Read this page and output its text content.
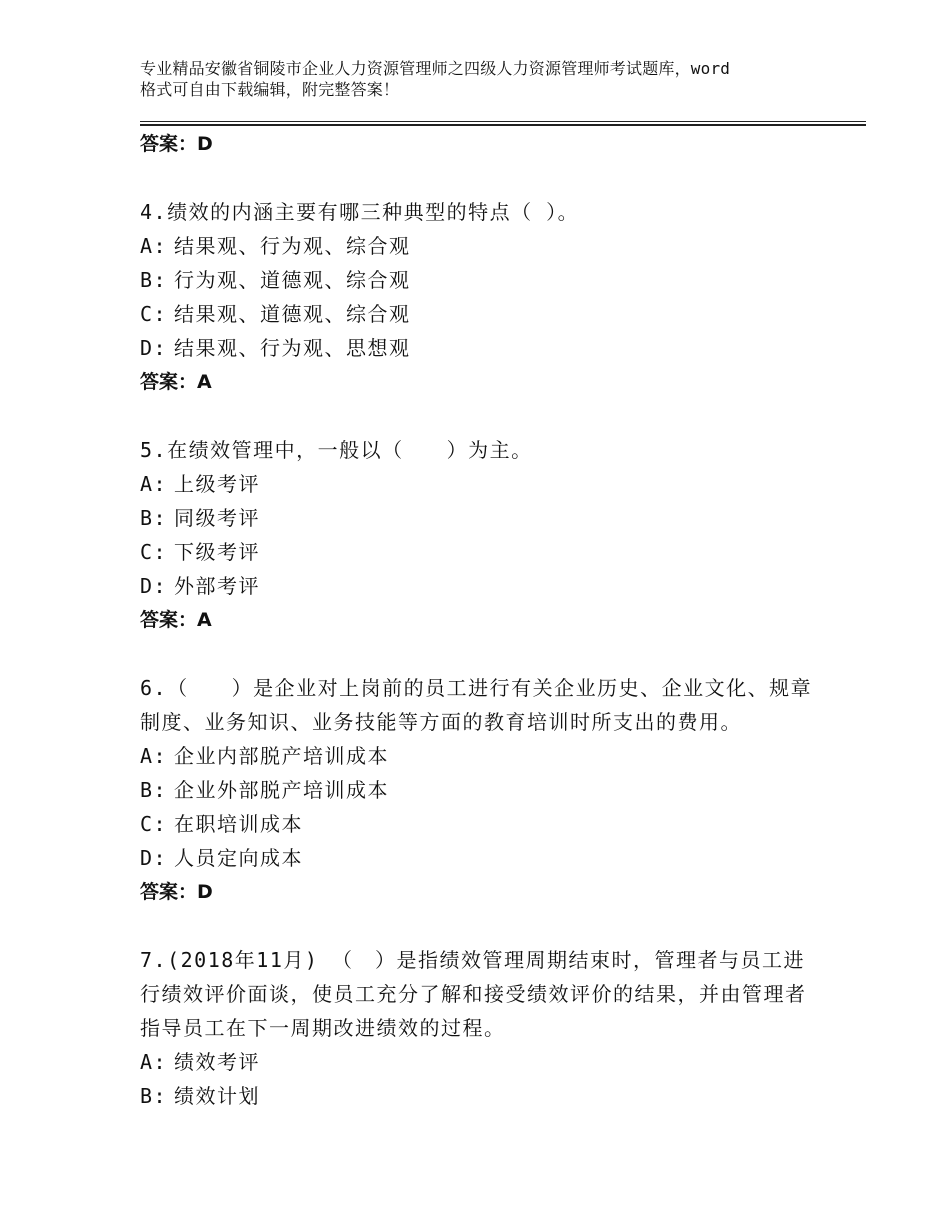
专业精品安徽省铜陵市企业人力资源管理师之四级人力资源管理师考试题库，word
格式可自由下载编辑，附完整答案！
答案：D
4.绩效的内涵主要有哪三种典型的特点（ ）。
A: 结果观、行为观、综合观
B: 行为观、道德观、综合观
C: 结果观、道德观、综合观
D: 结果观、行为观、思想观
答案：A
5.在绩效管理中，一般以（　　）为主。
A: 上级考评
B: 同级考评
C: 下级考评
D: 外部考评
答案：A
6.（　　）是企业对上岗前的员工进行有关企业历史、企业文化、规章制度、业务知识、业务技能等方面的教育培训时所支出的费用。
A: 企业内部脱产培训成本
B: 企业外部脱产培训成本
C: 在职培训成本
D: 人员定向成本
答案：D
7.(2018年11月) （　）是指绩效管理周期结束时，管理者与员工进行绩效评价面谈，使员工充分了解和接受绩效评价的结果，并由管理者指导员工在下一周期改进绩效的过程。
A: 绩效考评
B: 绩效计划
